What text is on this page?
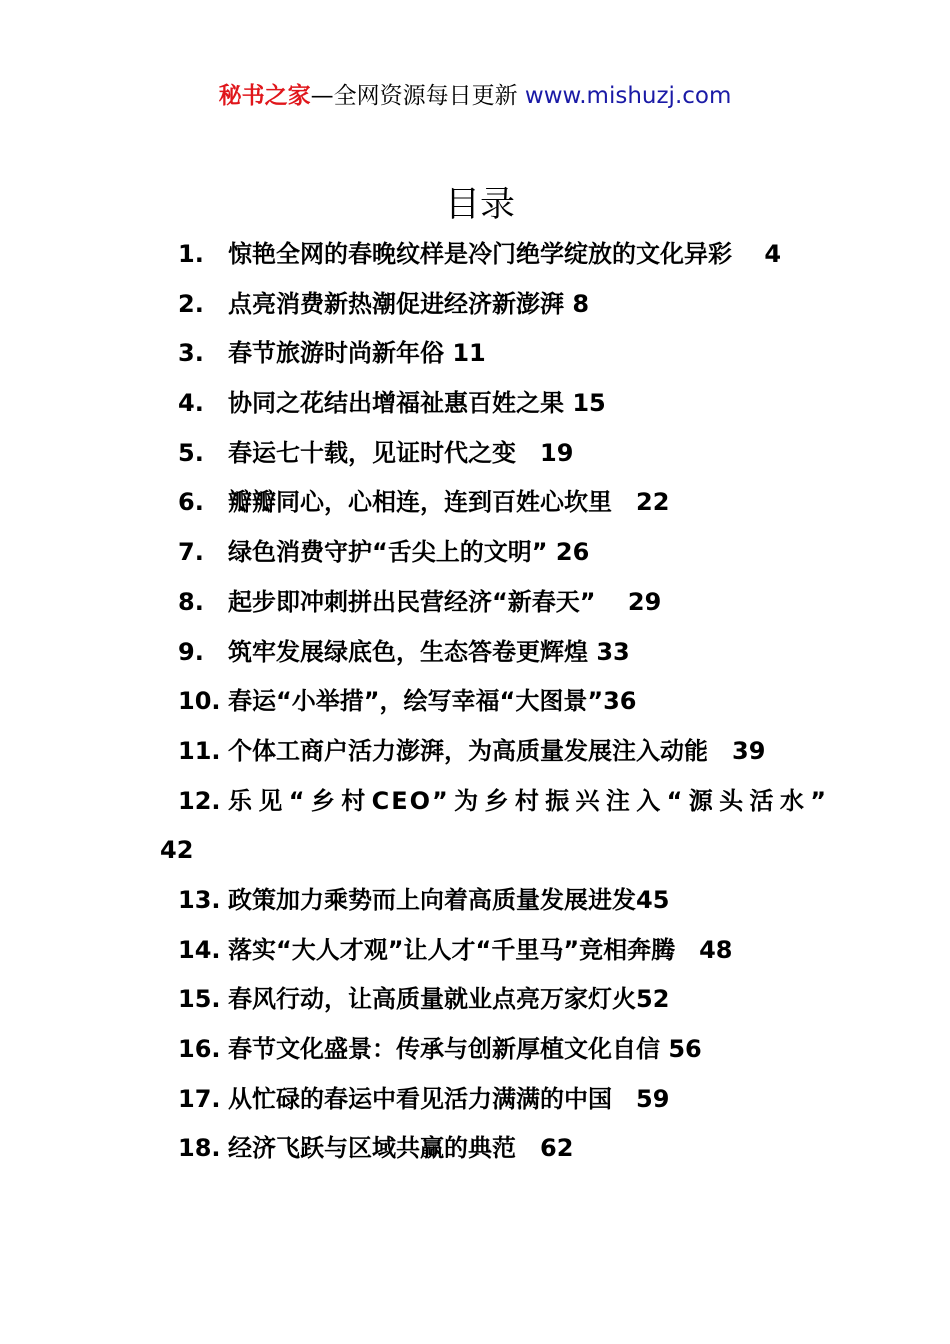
秘书之家—全网资源每日更新 www.mishuzj.com
目录
1. 惊艳全网的春晚纹样是冷门绝学绽放的文化异彩　 4
2. 点亮消费新热潮促进经济新澎湃 8
3. 春节旅游时尚新年俗 11
4. 协同之花结出增福祉惠百姓之果 15
5. 春运七十载，见证时代之变　19
6. 瓣瓣同心，心相连，连到百姓心坎里　22
7. 绿色消费守护“舌尖上的文明” 26
8. 起步即冲刺拼出民营经济“新春天”　 29
9. 筑牢发展绿底色，生态答卷更辉煌 33
10. 春运“小举措”，绘写幸福“大图景”36
11. 个体工商户活力澎湃，为高质量发展注入动能　39
12. 乐见“乡村CEO”为乡村振兴注入“源头活水”
42
13. 政策加力乘势而上向着高质量发展进发45
14. 落实“大人才观”让人才“千里马”竞相奔腾　48
15. 春风行动，让高质量就业点亮万家灯火52
16. 春节文化盛景：传承与创新厚植文化自信 56
17. 从忙碌的春运中看见活力满满的中国　59
18. 经济飞跃与区域共赢的典范　62
